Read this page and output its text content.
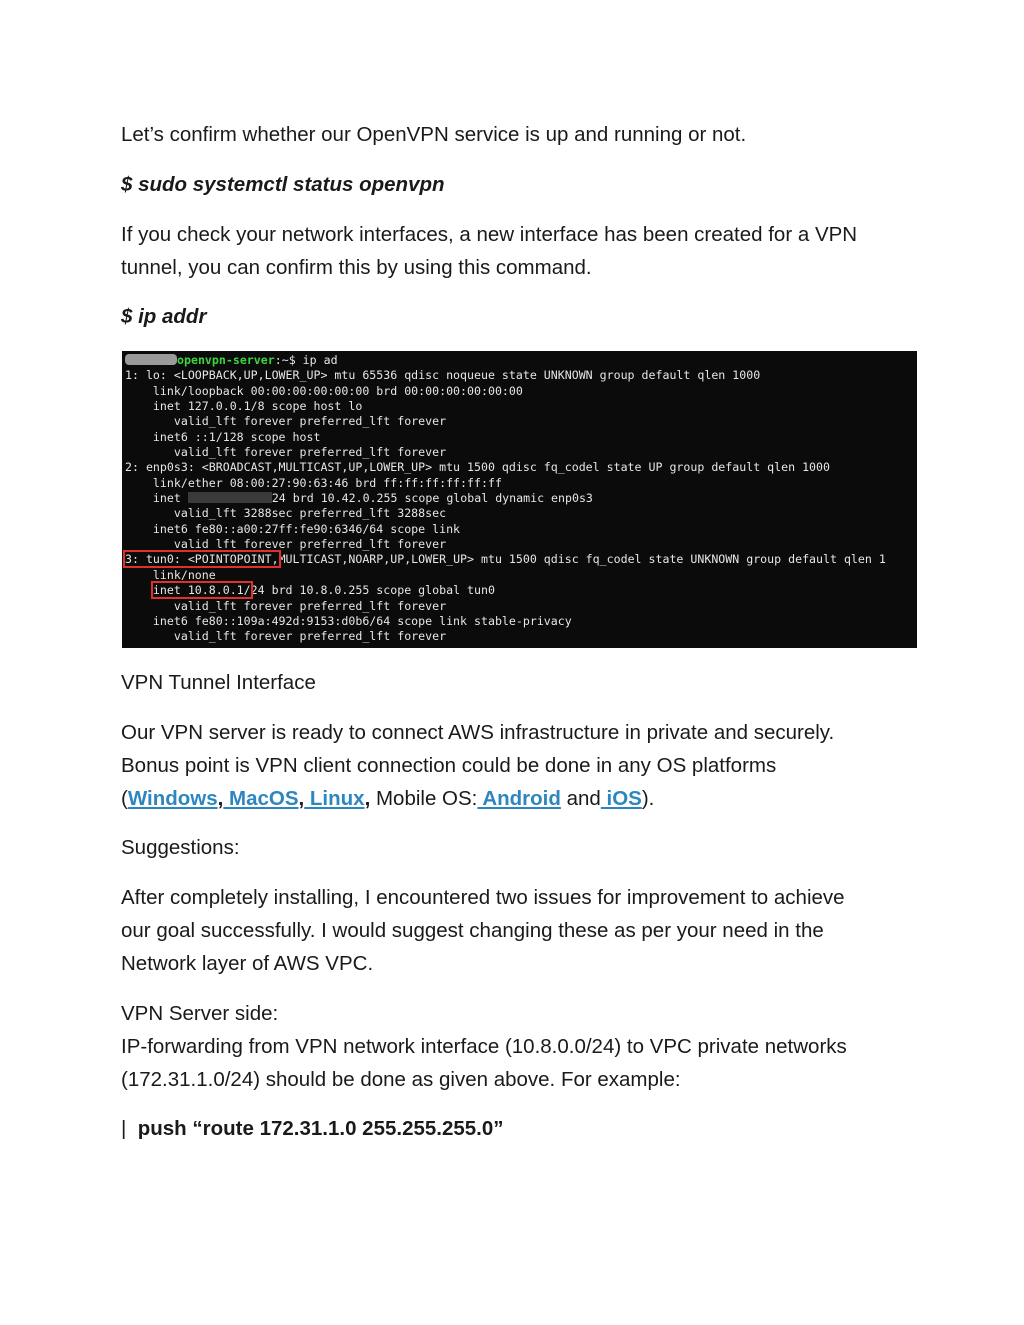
Let’s confirm whether our OpenVPN service is up and running or not.

$ sudo systemctl status openvpn

If you check your network interfaces, a new interface has been created for a VPN

tunnel, you can confirm this by using this command.

$ ip addr

openvpn-server:~$ ip ad
1: lo: <LOOPBACK,UP,LOWER_UP> mtu 65536 qdisc noqueue state UNKNOWN group default qlen 1000
link/loopback 00:00:00:00:00:00 brd 00:00:00:00:00:00
inet 127.0.0.1/8 scope host lo
valid_lft forever preferred_lft forever
inet6 ::1/128 scope host
valid_lft forever preferred_lft forever
2: enp0s3: <BROADCAST,MULTICAST,UP,LOWER_UP> mtu 1500 qdisc fq_codel state UP group default qlen 1000
link/ether 08:00:27:90:63:46 brd ff:ff:ff:ff:ff:ff
inet	24 brd 10.42.0.255 scope global dynamic enp0s3
valid_lft 3288sec preferred_lft 3288sec
inet6 fe80::a00:27ff:fe90:6346/64 scope link
valid_lft forever preferred_lft forever
3: tun0: <POINTOPOINT,MULTICAST,NOARP,UP,LOWER_UP> mtu 1500 qdisc fq_codel state UNKNOWN group default qlen 1
link/none
inet 10.8.0.1/24 brd 10.8.0.255 scope global tun0
valid_lft forever preferred_lft forever
inet6 fe80::109a:492d:9153:d0b6/64 scope link stable-privacy
valid_lft forever preferred_lft forever

VPN Tunnel Interface

Our VPN server is ready to connect AWS infrastructure in private and securely.

Bonus point is VPN client connection could be done in any OS platforms

(Windows, MacOS, Linux, Mobile OS: Android and iOS).

Suggestions:

After completely installing, I encountered two issues for improvement to achieve

our goal successfully. I would suggest changing these as per your need in the

Network layer of AWS VPC.

VPN Server side:

IP-forwarding from VPN network interface (10.8.0.0/24) to VPC private networks

(172.31.1.0/24) should be done as given above. For example:

| push “route 172.31.1.0 255.255.255.0”
